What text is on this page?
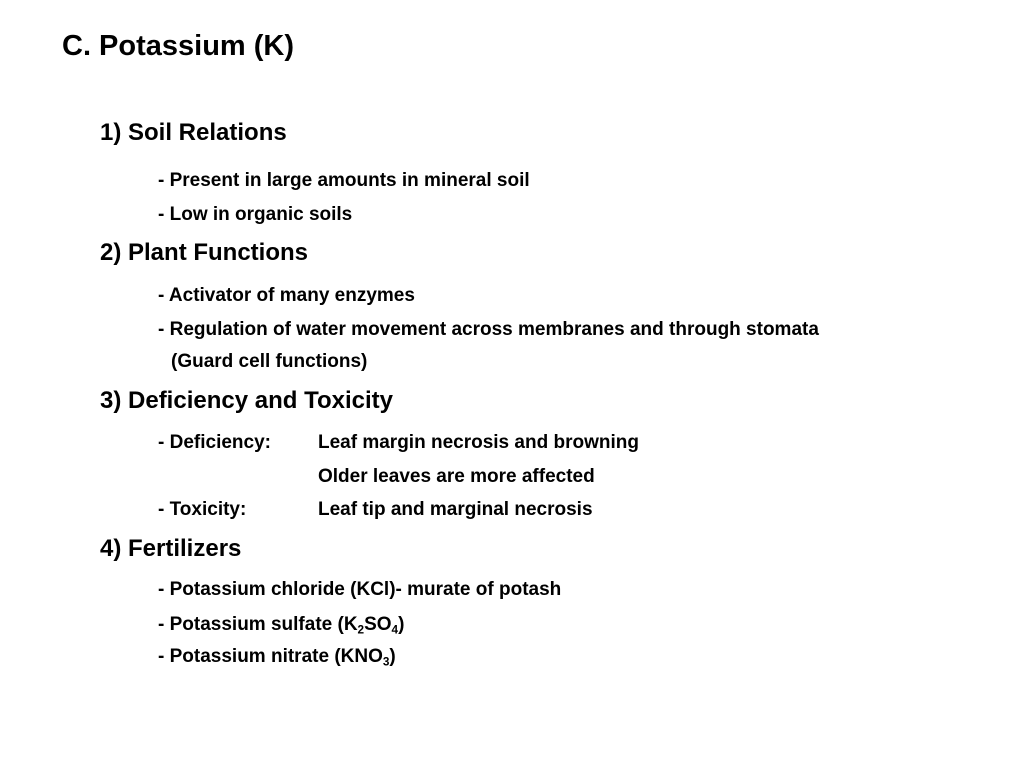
C. Potassium (K)
1) Soil Relations
- Present in large amounts in mineral soil
- Low in organic soils
2) Plant Functions
- Activator of many enzymes
- Regulation of water movement across membranes and through stomata
(Guard cell functions)
3) Deficiency and Toxicity
- Deficiency: Leaf margin necrosis and browning
Older leaves are more affected
- Toxicity:	Leaf tip and marginal necrosis
4) Fertilizers
- Potassium chloride (KCl)- murate of potash
- Potassium sulfate $(K_2SO_4)$
- Potassium nitrate $(KNO_3)$
